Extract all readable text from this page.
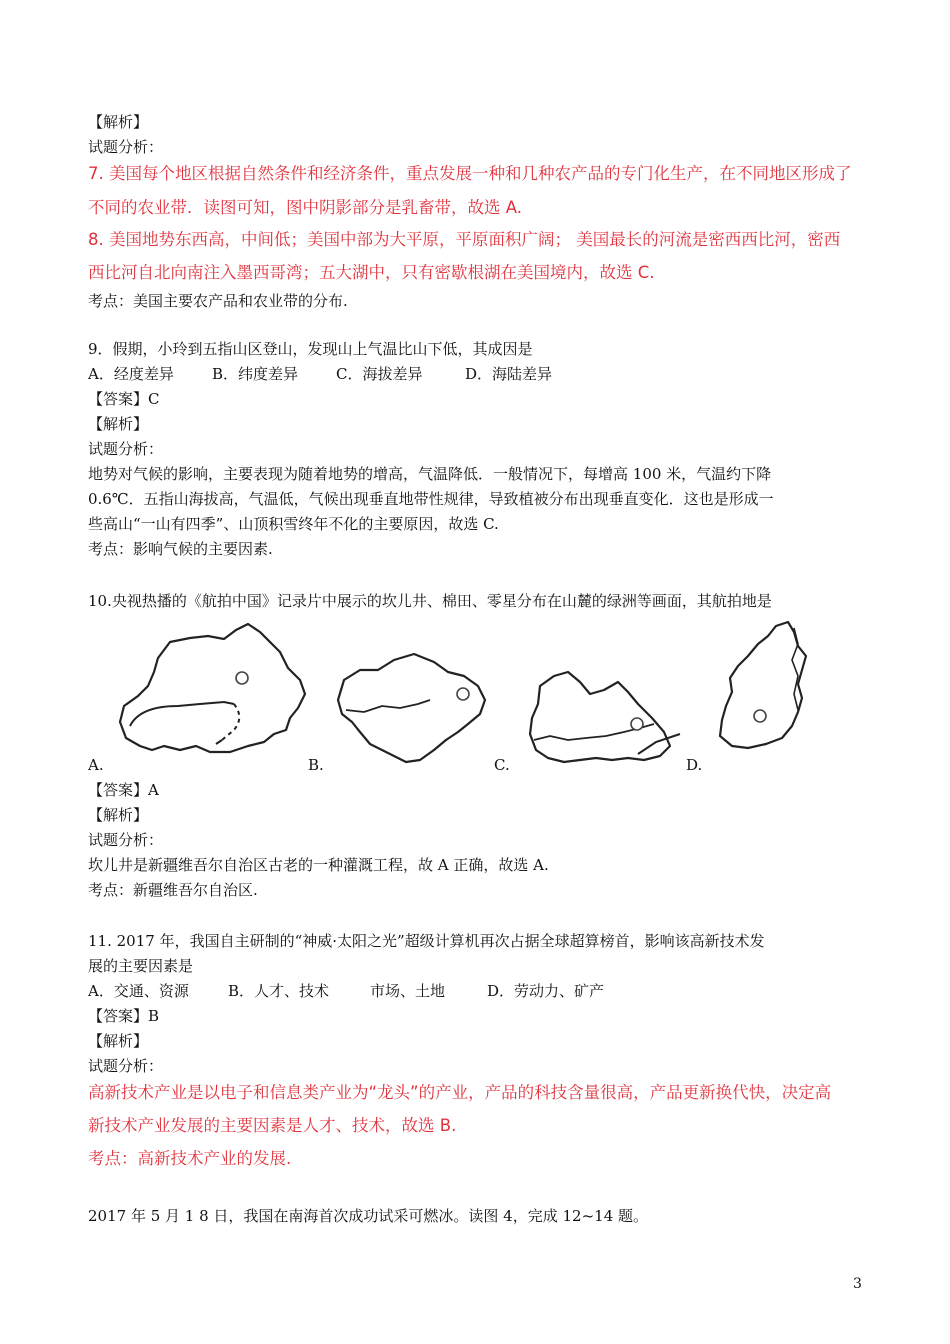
【解析】
试题分析：
7. 美国每个地区根据自然条件和经济条件，重点发展一种和几种农产品的专门化生产，在不同地区形成了
不同的农业带．读图可知，图中阴影部分是乳畜带，故选 A.
8. 美国地势东西高，中间低；美国中部为大平原，平原面积广阔； 美国最长的河流是密西西比河，密西
西比河自北向南注入墨西哥湾；五大湖中，只有密歇根湖在美国境内，故选 C.
考点：美国主要农产品和农业带的分布.
9．假期，小玲到五指山区登山，发现山上气温比山下低，其成因是
A．经度差异	B．纬度差异	C．海拔差异	D．海陆差异
【答案】C
【解析】
试题分析：
地势对气候的影响，主要表现为随着地势的增高，气温降低．一般情况下，每增高 100 米，气温约下降
0.6℃．五指山海拔高，气温低，气候出现垂直地带性规律，导致植被分布出现垂直变化．这也是形成一
些高山“一山有四季”、山顶积雪终年不化的主要原因，故选 C.
考点：影响气候的主要因素.
10.央视热播的《航拍中国》记录片中展示的坎儿井、棉田、零星分布在山麓的绿洲等画面，其航拍地是
A.	B.	C.	D.
【答案】A
【解析】
试题分析：
坎儿井是新疆维吾尔自治区古老的一种灌溉工程，故 A 正确，故选 A.
考点：新疆维吾尔自治区.
11. 2017 年，我国自主研制的“神威·太阳之光”超级计算机再次占据全球超算榜首，影响该高新技术发
展的主要因素是
A．交通、资源	B．人才、技术	市场、土地	D．劳动力、矿产
【答案】B
【解析】
试题分析：
高新技术产业是以电子和信息类产业为“龙头”的产业，产品的科技含量很高，产品更新换代快，决定高
新技术产业发展的主要因素是人才、技术，故选 B.
考点：高新技术产业的发展.
2017 年 5 月 1 8 日，我国在南海首次成功试采可燃冰。读图 4，完成 12~14 题。
3
